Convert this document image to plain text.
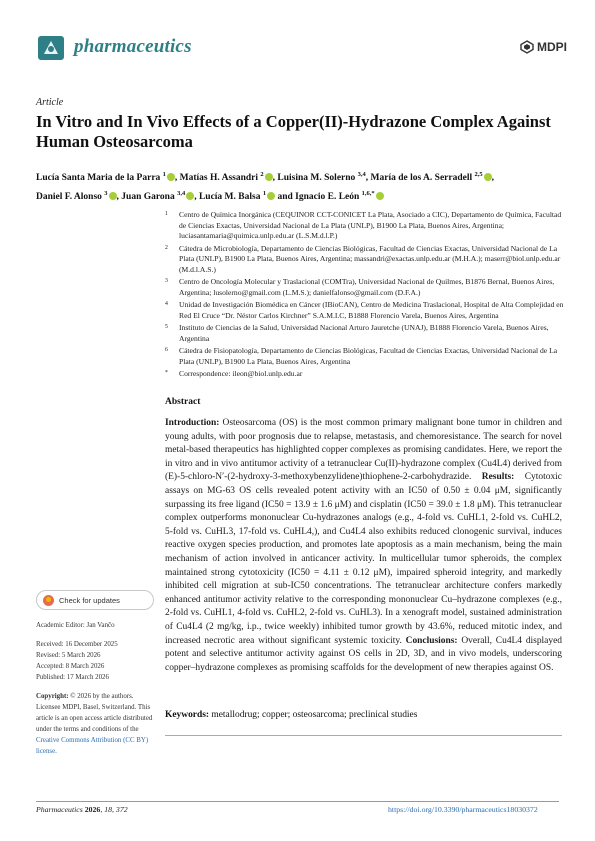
pharmaceutics	MDPI
Article
In Vitro and In Vivo Effects of a Copper(II)-Hydrazone Complex Against Human Osteosarcoma
Lucía Santa Maria de la Parra $^1$ , Matías H. Assandri $^2$ , Luisina M. Solerno $^{3,4}$, María de los A. Serradell $^{2,5}$ ,
Daniel F. Alonso $^3$ , Juan Garona $^{3,4}$ , Lucía M. Balsa $^1$ and Ignacio E. León $^{1,6,*}$
1 Centro de Química Inorgánica (CEQUINOR CCT-CONICET La Plata, Asociado a CIC), Departamento de Química, Facultad de Ciencias Exactas, Universidad Nacional de La Plata (UNLP), B1900 La Plata, Buenos Aires, Argentina; luciasantamaria@quimica.unlp.edu.ar (L.S.M.d.l.P.)
2 Cátedra de Microbiología, Departamento de Ciencias Biológicas, Facultad de Ciencias Exactas, Universidad Nacional de La Plata (UNLP), B1900 La Plata, Buenos Aires, Argentina; massandri@exactas.unlp.edu.ar (M.H.A.); maserr@biol.unlp.edu.ar (M.d.l.A.S.)
3 Centro de Oncología Molecular y Traslacional (COMTra), Universidad Nacional de Quilmes, B1876 Bernal, Buenos Aires, Argentina; lusolerno@gmail.com (L.M.S.); danielfalonso@gmail.com (D.F.A.)
4 Unidad de Investigación Biomédica en Cáncer (IBioCAN), Centro de Medicina Traslacional, Hospital de Alta Complejidad en Red El Cruce “Dr. Néstor Carlos Kirchner” S.A.M.I.C, B1888 Florencio Varela, Buenos Aires, Argentina
5 Instituto de Ciencias de la Salud, Universidad Nacional Arturo Jauretche (UNAJ), B1888 Florencio Varela, Buenos Aires, Argentina
6 Cátedra de Fisiopatología, Departamento de Ciencias Biológicas, Facultad de Ciencias Exactas, Universidad Nacional de La Plata (UNLP), B1900 La Plata, Buenos Aires, Argentina
* Correspondence: ileon@biol.unlp.edu.ar
Abstract
Introduction: Osteosarcoma (OS) is the most common primary malignant bone tumor in children and young adults, with poor prognosis due to relapse, metastasis, and chemoresistance. The search for novel metal-based therapeutics has highlighted copper complexes as promising candidates. Here, we report the in vitro and in vivo antitumor activity of a tetranuclear Cu(II)-hydrazone complex (Cu4L4) derived from (E)-5-chloro-N′-(2-hydroxy-3-methoxybenzylidene)thiophene-2-carbohydrazide. Results: Cytotoxic assays on MG-63 OS cells revealed potent activity with an IC50 of 0.50 ± 0.04 μM, significantly surpassing its free ligand (IC50 = 13.9 ± 1.6 μM) and cisplatin (IC50 = 39.0 ± 1.8 μM). This tetranuclear complex outperforms mononuclear Cu-hydrazones analogs (e.g., 4-fold vs. CuHL1, 2-fold vs. CuHL2, 5-fold vs. CuHL3, 17-fold vs. CuHL4,), and Cu4L4 also exhibits reduced clonogenic survival, induces reactive oxygen species production, and promotes late apoptosis as a main mechanism, being the main mechanism of action involved in anticancer activity. In multicellular tumor spheroids, the complex maintained strong cytotoxicity (IC50 = 4.11 ± 0.12 μM), impaired spheroid integrity, and markedly inhibited cell migration at sub-IC50 concentrations. The tetranuclear architecture confers markedly enhanced antitumor activity relative to the corresponding mononuclear Cu–hydrazone complexes (e.g., 2-fold vs. CuHL1, 4-fold vs. CuHL2, 2-fold vs. CuHL3). In a xenograft model, sustained administration of Cu4L4 (2 mg/kg, i.p., twice weekly) inhibited tumor growth by 43.6%, reduced mitotic index, and increased necrotic area without significant systemic toxicity. Conclusions: Overall, Cu4L4 displayed potent and selective antitumor activity against OS cells in 2D, 3D, and in vivo models, underscoring copper–hydrazone complexes as promising scaffolds for the development of new therapies against OS.
Keywords: metallodrug; copper; osteosarcoma; preclinical studies
Check for updates
Academic Editor: Jan Vančo
Received: 16 December 2025
Revised: 5 March 2026
Accepted: 8 March 2026
Published: 17 March 2026
Copyright: © 2026 by the authors. Licensee MDPI, Basel, Switzerland. This article is an open access article distributed under the terms and conditions of the Creative Commons Attribution (CC BY) license.
Pharmaceutics 2026, 18, 372	https://doi.org/10.3390/pharmaceutics18030372
